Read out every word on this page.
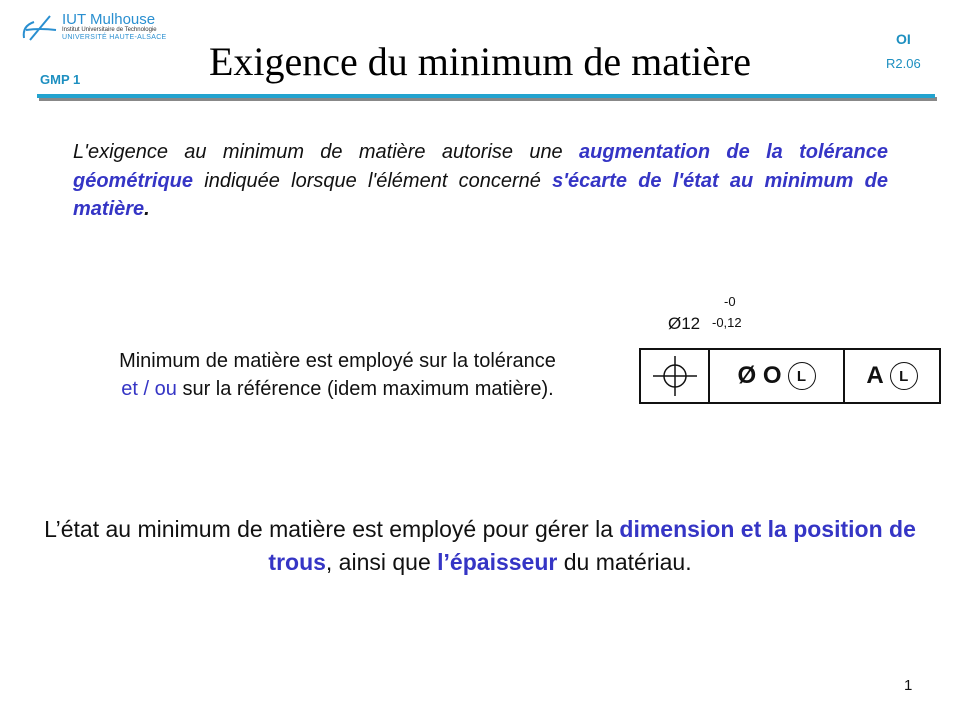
IUT Mulhouse
Institut Universitaire de Technologie
UNIVERSITÉ HAUTE-ALSACE
GMP 1	Exigence du minimum de matière	OI
R2.06
L'exigence au minimum de matière autorise une augmentation de la tolérance géométrique indiquée lorsque l'élément concerné s'écarte de l'état au minimum de matière.
Minimum de matière est employé sur la tolérance
et / ou sur la référence (idem maximum matière).
Ø12
-0
-0,12
Ø O	L	A	L
L’état au minimum de matière est employé pour gérer la dimension et la position de trous, ainsi que l’épaisseur du matériau.
1
